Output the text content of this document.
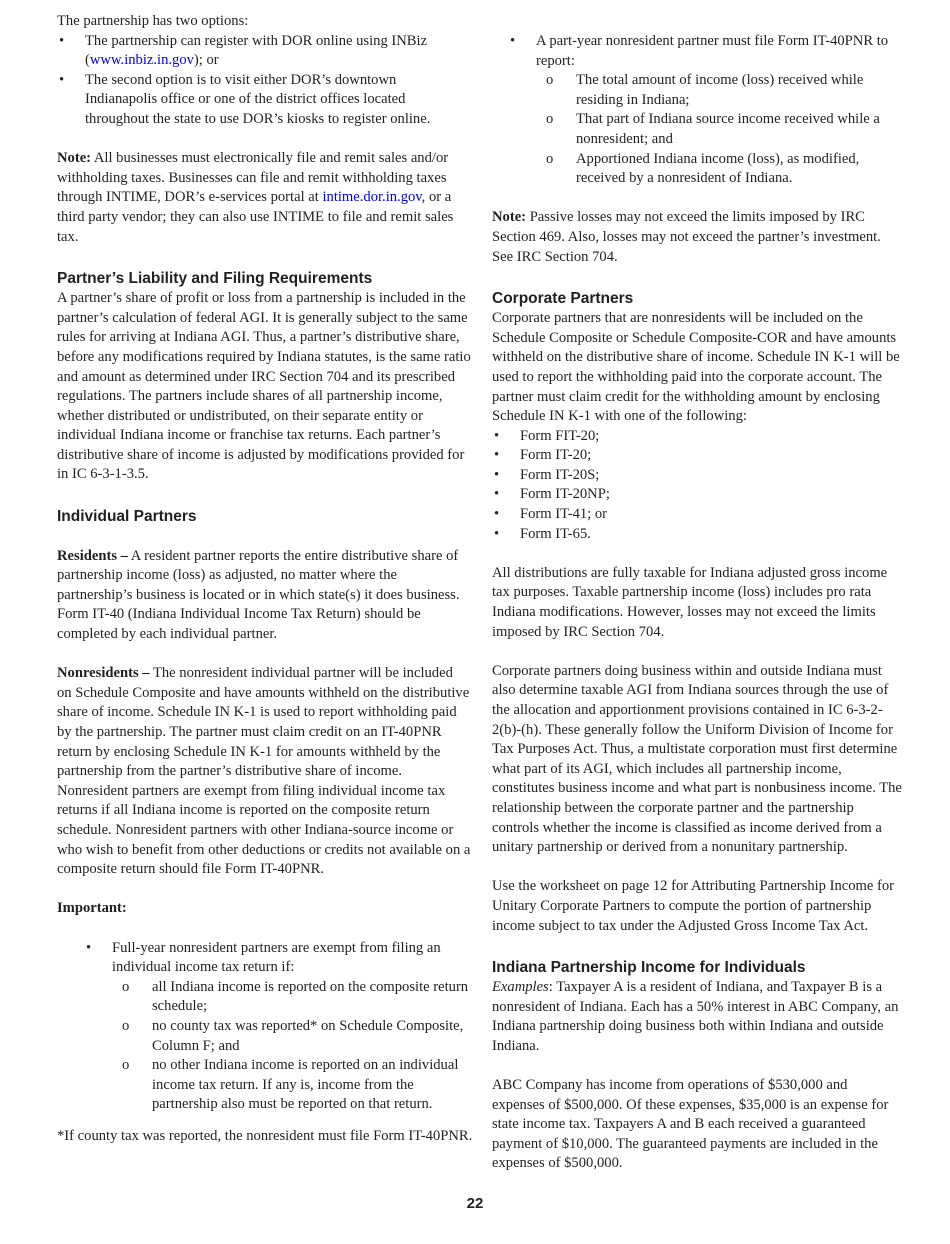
The partnership has two options:

• The partnership can register with DOR online using INBiz (www.inbiz.in.gov); or
• The second option is to visit either DOR’s downtown Indianapolis office or one of the district offices located throughout the state to use DOR’s kiosks to register online.

Note: All businesses must electronically file and remit sales and/or withholding taxes. Businesses can file and remit withholding taxes through INTIME, DOR’s e-services portal at intime.dor.in.gov, or a third party vendor; they can also use INTIME to file and remit sales tax.

Partner’s Liability and Filing Requirements

A partner’s share of profit or loss from a partnership is included in the partner’s calculation of federal AGI. It is generally subject to the same rules for arriving at Indiana AGI. Thus, a partner’s distributive share, before any modifications required by Indiana statutes, is the same ratio and amount as determined under IRC Section 704 and its prescribed regulations. The partners include shares of all partnership income, whether distributed or undistributed, on their separate entity or individual Indiana income or franchise tax returns. Each partner’s distributive share of income is adjusted by modifications provided for in IC 6-3-1-3.5.

Individual Partners

Residents – A resident partner reports the entire distributive share of partnership income (loss) as adjusted, no matter where the partnership’s business is located or in which state(s) it does business. Form IT-40 (Indiana Individual Income Tax Return) should be completed by each individual partner.

Nonresidents – The nonresident individual partner will be included on Schedule Composite and have amounts withheld on the distributive share of income. Schedule IN K-1 is used to report withholding paid by the partnership. The partner must claim credit on an IT-40PNR return by enclosing Schedule IN K-1 for amounts withheld by the partnership from the partner’s distributive share of income. Nonresident partners are exempt from filing individual income tax returns if all Indiana income is reported on the composite return schedule. Nonresident partners with other Indiana-source income or who wish to benefit from other deductions or credits not available on a composite return should file Form IT-40PNR.

Important:

• Full-year nonresident partners are exempt from filing an individual income tax return if:
o all Indiana income is reported on the composite return schedule;
o no county tax was reported* on Schedule Composite, Column F; and
o no other Indiana income is reported on an individual income tax return. If any is, income from the partnership also must be reported on that return.

*If county tax was reported, the nonresident must file Form IT-40PNR.

• A part-year nonresident partner must file Form IT-40PNR to report:
o The total amount of income (loss) received while residing in Indiana;
o That part of Indiana source income received while a nonresident; and
o Apportioned Indiana income (loss), as modified, received by a nonresident of Indiana.

Note: Passive losses may not exceed the limits imposed by IRC Section 469. Also, losses may not exceed the partner’s investment. See IRC Section 704.

Corporate Partners

Corporate partners that are nonresidents will be included on the Schedule Composite or Schedule Composite-COR and have amounts withheld on the distributive share of income. Schedule IN K-1 will be used to report the withholding paid into the corporate account. The partner must claim credit for the withholding amount by enclosing Schedule IN K-1 with one of the following:

• Form FIT-20;
• Form IT-20;
• Form IT-20S;
• Form IT-20NP;
• Form IT-41; or
• Form IT-65.

All distributions are fully taxable for Indiana adjusted gross income tax purposes. Taxable partnership income (loss) includes pro rata Indiana modifications. However, losses may not exceed the limits imposed by IRC Section 704.

Corporate partners doing business within and outside Indiana must also determine taxable AGI from Indiana sources through the use of the allocation and apportionment provisions contained in IC 6-3-2-2(b)-(h). These generally follow the Uniform Division of Income for Tax Purposes Act. Thus, a multistate corporation must first determine what part of its AGI, which includes all partnership income, constitutes business income and what part is nonbusiness income. The relationship between the corporate partner and the partnership controls whether the income is classified as income derived from a unitary partnership or derived from a nonunitary partnership.

Use the worksheet on page 12 for Attributing Partnership Income for Unitary Corporate Partners to compute the portion of partnership income subject to tax under the Adjusted Gross Income Tax Act.

Indiana Partnership Income for Individuals

Examples: Taxpayer A is a resident of Indiana, and Taxpayer B is a nonresident of Indiana. Each has a 50% interest in ABC Company, an Indiana partnership doing business both within Indiana and outside Indiana.

ABC Company has income from operations of $530,000 and expenses of $500,000. Of these expenses, $35,000 is an expense for state income tax. Taxpayers A and B each received a guaranteed payment of $10,000. The guaranteed payments are included in the expenses of $500,000.

22
